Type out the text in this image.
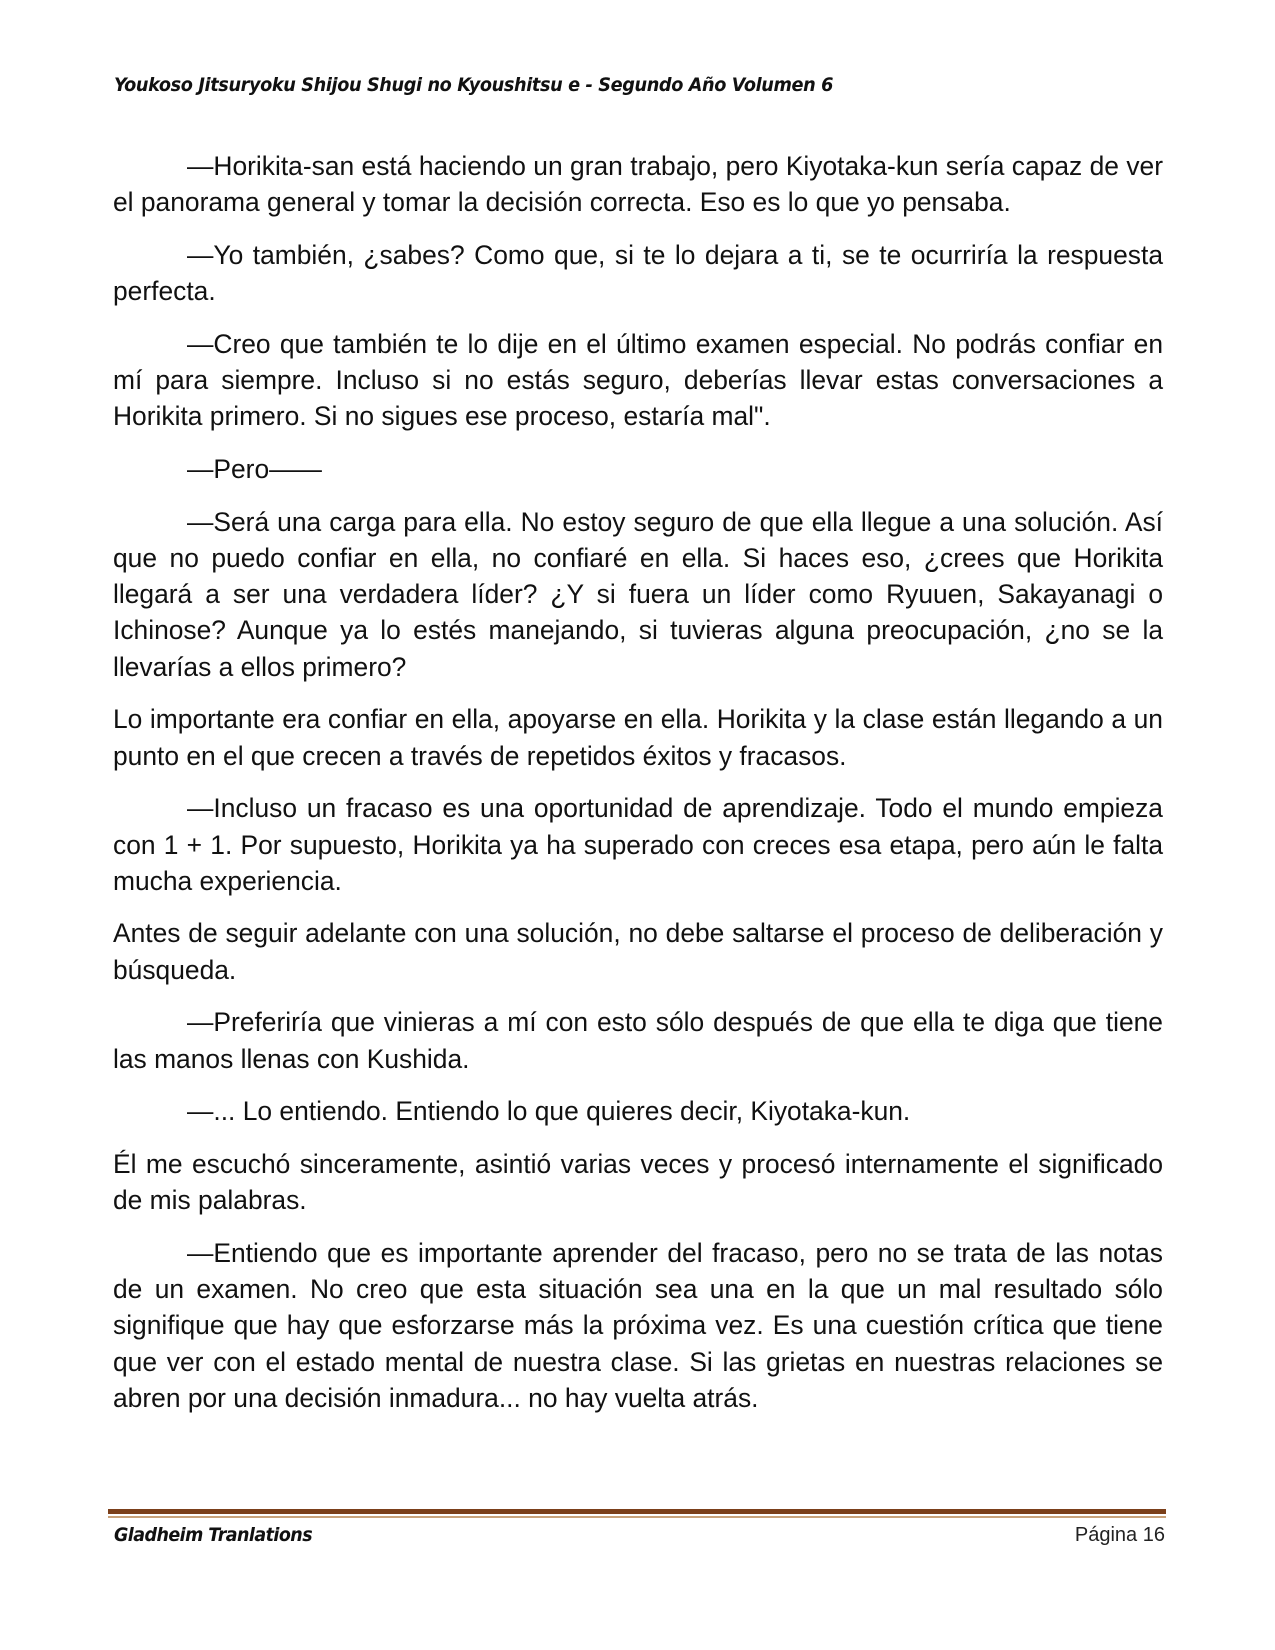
Youkoso Jitsuryoku Shijou Shugi no Kyoushitsu e - Segundo Año Volumen 6

—Horikita-san está haciendo un gran trabajo, pero Kiyotaka-kun sería capaz de ver el panorama general y tomar la decisión correcta. Eso es lo que yo pensaba.

—Yo también, ¿sabes? Como que, si te lo dejara a ti, se te ocurriría la respuesta perfecta.

—Creo que también te lo dije en el último examen especial. No podrás confiar en mí para siempre. Incluso si no estás seguro, deberías llevar estas conversaciones a Horikita primero. Si no sigues ese proceso, estaría mal".

—Pero——

—Será una carga para ella. No estoy seguro de que ella llegue a una solución. Así que no puedo confiar en ella, no confiaré en ella. Si haces eso, ¿crees que Horikita llegará a ser una verdadera líder? ¿Y si fuera un líder como Ryuuen, Sakayanagi o Ichinose? Aunque ya lo estés manejando, si tuvieras alguna preocupación, ¿no se la llevarías a ellos primero?

Lo importante era confiar en ella, apoyarse en ella. Horikita y la clase están llegando a un punto en el que crecen a través de repetidos éxitos y fracasos.

—Incluso un fracaso es una oportunidad de aprendizaje. Todo el mundo empieza con 1 + 1. Por supuesto, Horikita ya ha superado con creces esa etapa, pero aún le falta mucha experiencia.

Antes de seguir adelante con una solución, no debe saltarse el proceso de deliberación y búsqueda.

—Preferiría que vinieras a mí con esto sólo después de que ella te diga que tiene las manos llenas con Kushida.

—... Lo entiendo. Entiendo lo que quieres decir, Kiyotaka-kun.

Él me escuchó sinceramente, asintió varias veces y procesó internamente el significado de mis palabras.

—Entiendo que es importante aprender del fracaso, pero no se trata de las notas de un examen. No creo que esta situación sea una en la que un mal resultado sólo signifique que hay que esforzarse más la próxima vez. Es una cuestión crítica que tiene que ver con el estado mental de nuestra clase. Si las grietas en nuestras relaciones se abren por una decisión inmadura... no hay vuelta atrás.

Gladheim Tranlations	Página 16
